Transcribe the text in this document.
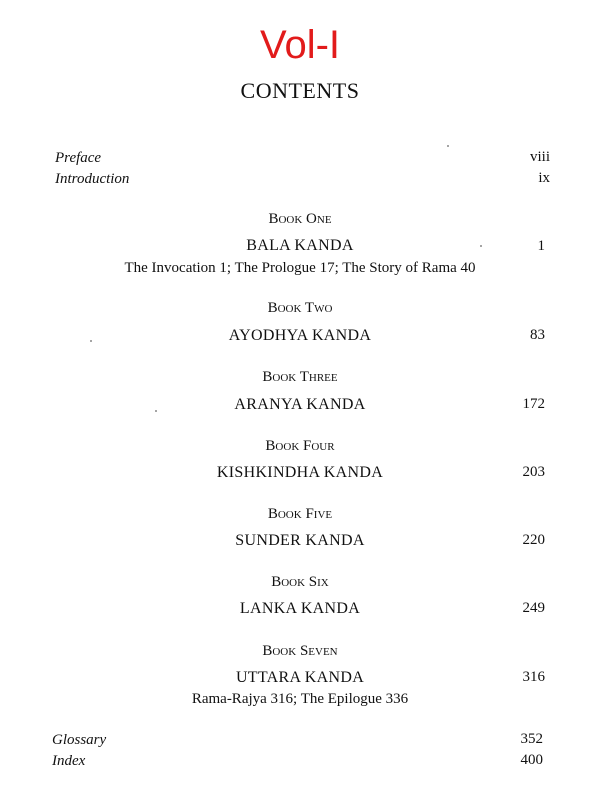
Vol-I
CONTENTS
Preface	viii
Introduction	ix
Book One
BALA KANDA	1
The Invocation 1; The Prologue 17; The Story of Rama 40
Book Two
AYODHYA KANDA	83
Book Three
ARANYA KANDA	172
Book Four
KISHKINDHA KANDA	203
Book Five
SUNDER KANDA	220
Book Six
LANKA KANDA	249
Book Seven
UTTARA KANDA	316
Rama-Rajya 316; The Epilogue 336
Glossary	352
Index	400
